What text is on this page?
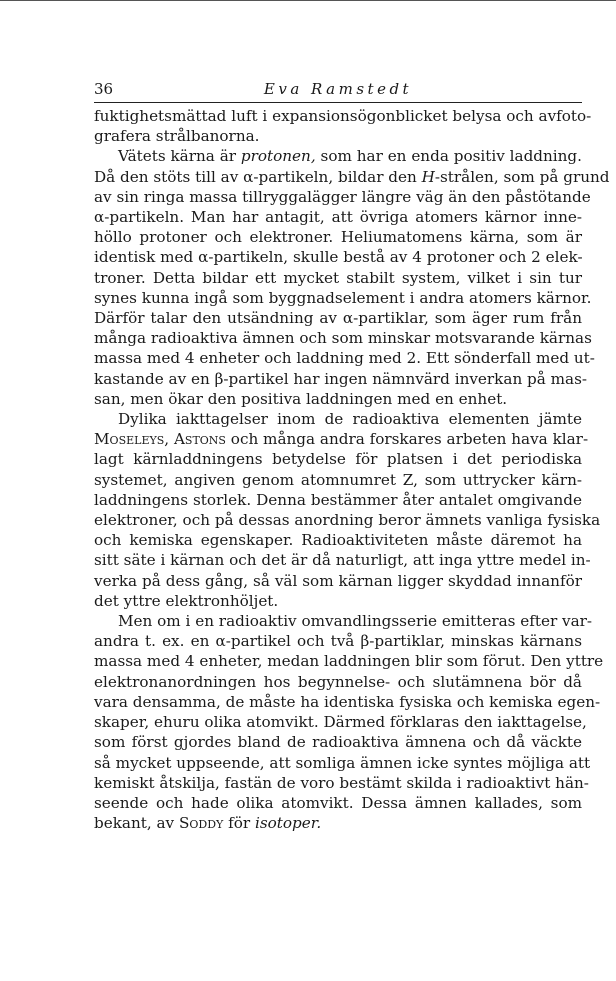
36	Eva Ramstedt
fuktighetsmättad luft i expansionsögonblicket belysa och avfoto-
grafera strålbanorna.
Vätets kärna är protonen, som har en enda positiv laddning.
Då den stöts till av α-partikeln, bildar den H-strålen, som på grund
av sin ringa massa tillryggalägger längre väg än den påstötande
α-partikeln. Man har antagit, att övriga atomers kärnor inne-
höllo protoner och elektroner. Heliumatomens kärna, som är
identisk med α-partikeln, skulle bestå av 4 protoner och 2 elek-
troner. Detta bildar ett mycket stabilt system, vilket i sin tur
synes kunna ingå som byggnadselement i andra atomers kärnor.
Därför talar den utsändning av α-partiklar, som äger rum från
många radioaktiva ämnen och som minskar motsvarande kärnas
massa med 4 enheter och laddning med 2. Ett sönderfall med ut-
kastande av en β-partikel har ingen nämnvärd inverkan på mas-
san, men ökar den positiva laddningen med en enhet.
Dylika iakttagelser inom de radioaktiva elementen jämte
Moseleys, Astons och många andra forskares arbeten hava klar-
lagt kärnladdningens betydelse för platsen i det periodiska
systemet, angiven genom atomnumret Z, som uttrycker kärn-
laddningens storlek. Denna bestämmer åter antalet omgivande
elektroner, och på dessas anordning beror ämnets vanliga fysiska
och kemiska egenskaper. Radioaktiviteten måste däremot ha
sitt säte i kärnan och det är då naturligt, att inga yttre medel in-
verka på dess gång, så väl som kärnan ligger skyddad innanför
det yttre elektronhöljet.
Men om i en radioaktiv omvandlingsserie emitteras efter var-
andra t. ex. en α-partikel och två β-partiklar, minskas kärnans
massa med 4 enheter, medan laddningen blir som förut. Den yttre
elektronanordningen hos begynnelse- och slutämnena bör då
vara densamma, de måste ha identiska fysiska och kemiska egen-
skaper, ehuru olika atomvikt. Därmed förklaras den iakttagelse,
som först gjordes bland de radioaktiva ämnena och då väckte
så mycket uppseende, att somliga ämnen icke syntes möjliga att
kemiskt åtskilja, fastän de voro bestämt skilda i radioaktivt hän-
seende och hade olika atomvikt. Dessa ämnen kallades, som
bekant, av Soddy för isotoper.
